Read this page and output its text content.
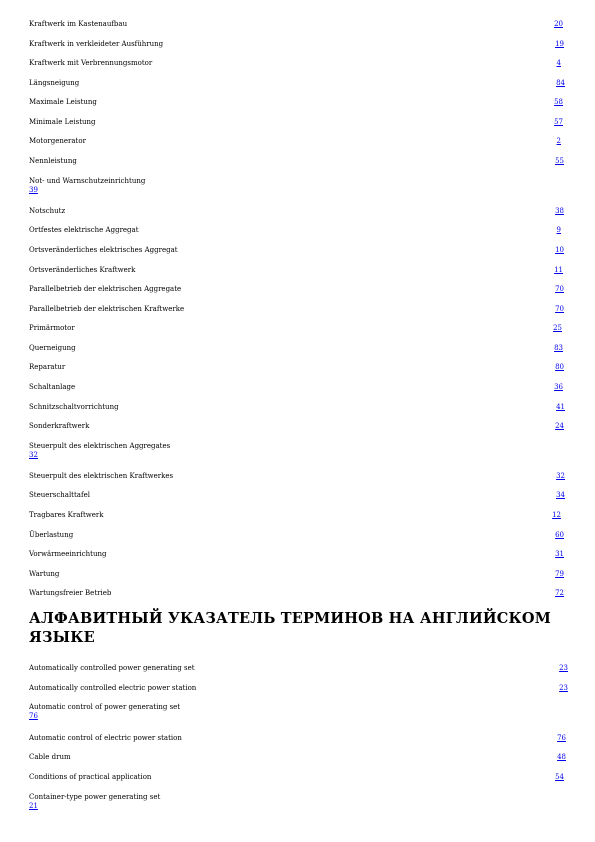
Kraftwerk im Kastenaufbau	20
Kraftwerk in verkleideter Ausführung	19
Kraftwerk mit Verbrennungsmotor	4
Längsneigung	84
Maximale Leistung	58
Minimale Leistung	57
Motorgenerator	2
Nennleistung	55
Not- und Warnschutzeinrichtung
39
Notschutz	38
Ortfestes elektrische Aggregat	9
Ortsveränderliches elektrisches Aggregat	10
Ortsveränderliches Kraftwerk	11
Parallelbetrieb der elektrischen Aggregate	70
Parallelbetrieb der elektrischen Kraftwerke	70
Primärmotor	25
Querneigung	83
Reparatur	80
Schaltanlage	36
Schnitzschaltvorrichtung	41
Sonderkraftwerk	24
Steuerpult des elektrischen Aggregates
32
Steuerpult des elektrischen Kraftwerkes	32
Steuerschalttafel	34
Tragbares Kraftwerk	12
Überlastung	60
Vorwärmeeinrichtung	31
Wartung	79
Wartungsfreier Betrieb	72
АЛФАВИТНЫЙ УКАЗАТЕЛЬ ТЕРМИНОВ НА АНГЛИЙСКОМ ЯЗЫКЕ
Automatically controlled power generating set	23
Automatically controlled electric power station	23
Automatic control of power generating set
76
Automatic control of electric power station	76
Cable drum	48
Conditions of practical application	54
Container-type power generating set
21
